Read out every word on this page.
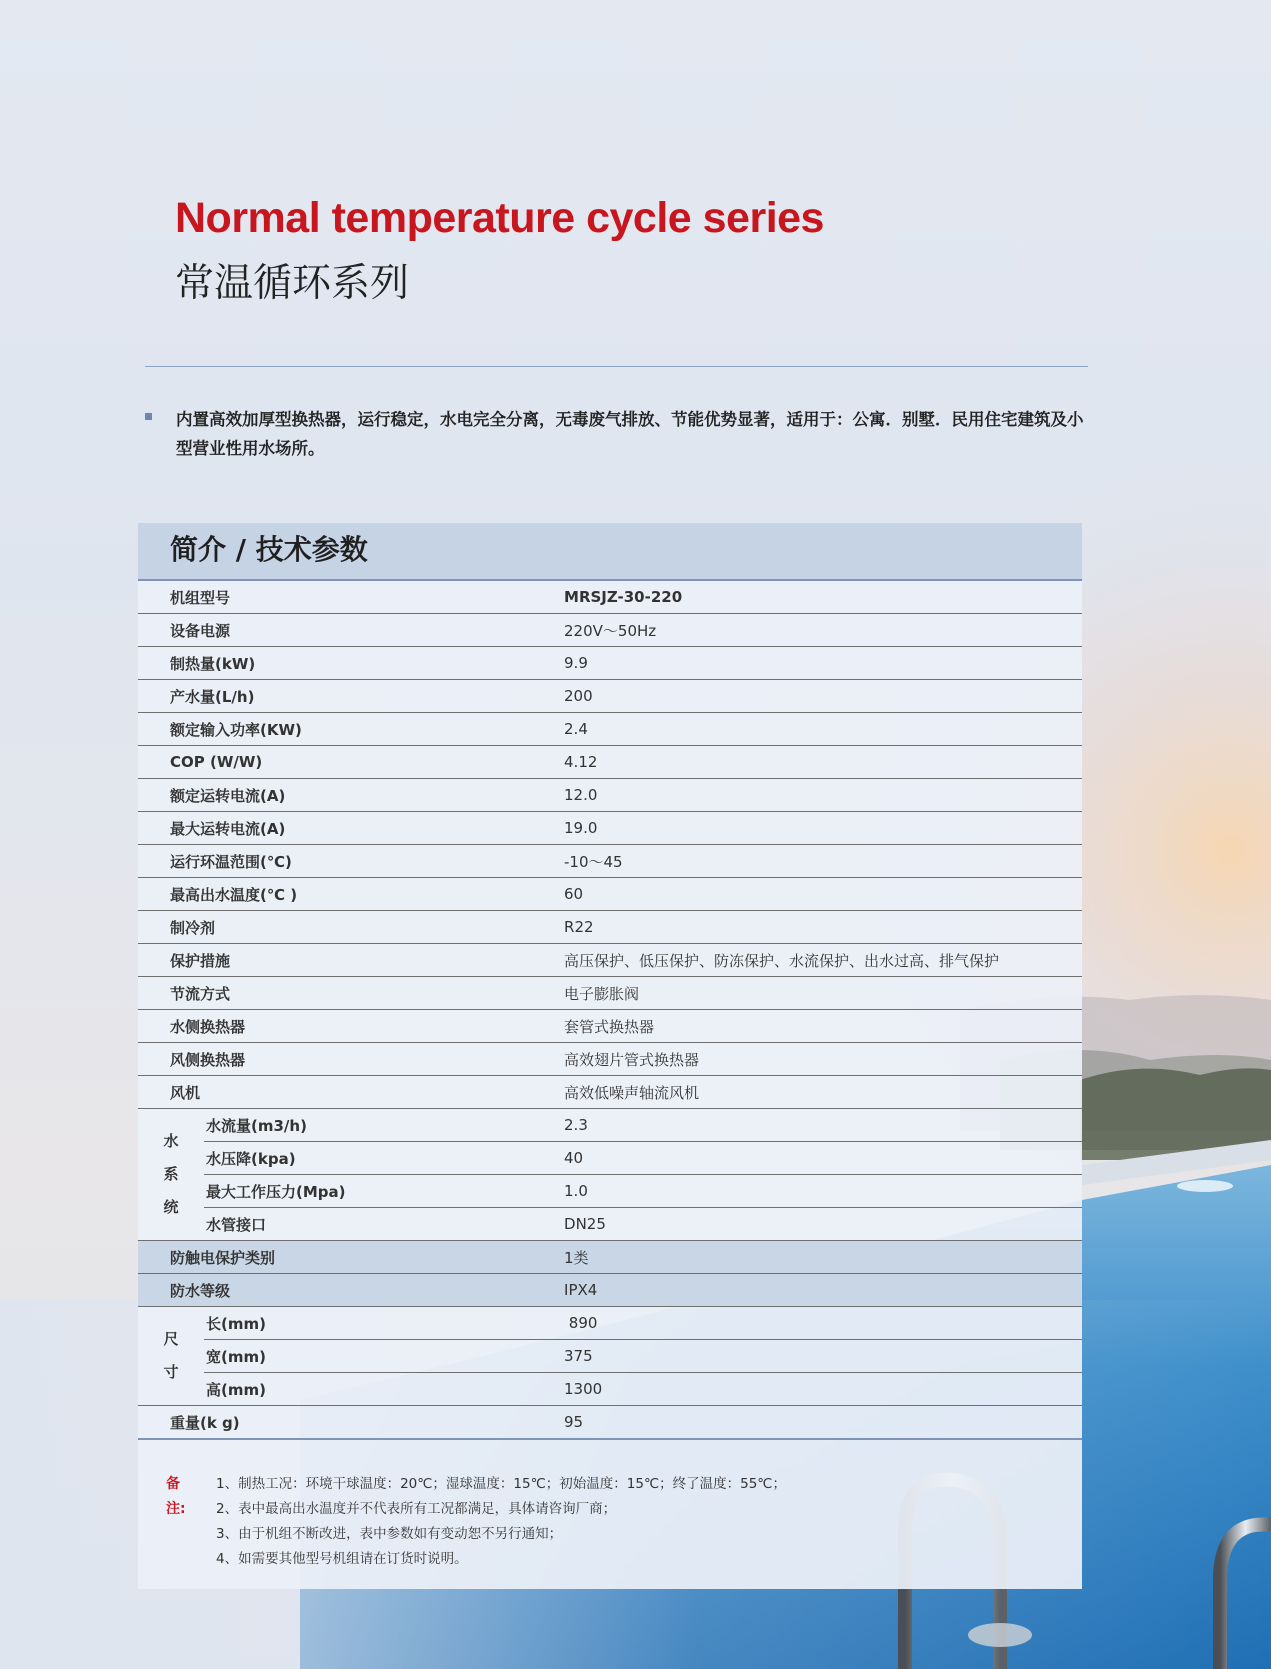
Normal temperature cycle series
常温循环系列

内置高效加厚型换热器，运行稳定，水电完全分离，无毒废气排放、节能优势显著，适用于：公寓．别墅．民用住宅建筑及小型营业性用水场所。

简介 / 技术参数
机组型号		MRSJZ-30-220
设备电源		220V～50Hz
制热量(kW)		9.9
产水量(L/h)		200
额定输入功率(KW)		2.4
COP (W/W)		4.12
额定运转电流(A)		12.0
最大运转电流(A)		19.0
运行环温范围(℃)		-10～45
最高出水温度(℃ )		60
制冷剂		R22
保护措施		高压保护、低压保护、防冻保护、水流保护、出水过高、排气保护
节流方式		电子膨胀阀
水侧换热器		套管式换热器
风侧换热器		高效翅片管式换热器
风机		高效低噪声轴流风机

水
系
统	水流量(m3/h)	2.3
	水压降(kpa)	40
	最大工作压力(Mpa)	1.0
	水管接口	DN25
防触电保护类别		1类
防水等级		IPX4

尺
寸	长(mm)	890
	宽(mm)	375
	高(mm)	1300
重量(k g)		95
备注:
1、制热工况：环境干球温度：20℃；湿球温度：15℃；初始温度：15℃；终了温度：55℃；
2、表中最高出水温度并不代表所有工况都满足，具体请咨询厂商；
3、由于机组不断改进，表中参数如有变动恕不另行通知；
4、如需要其他型号机组请在订货时说明。
